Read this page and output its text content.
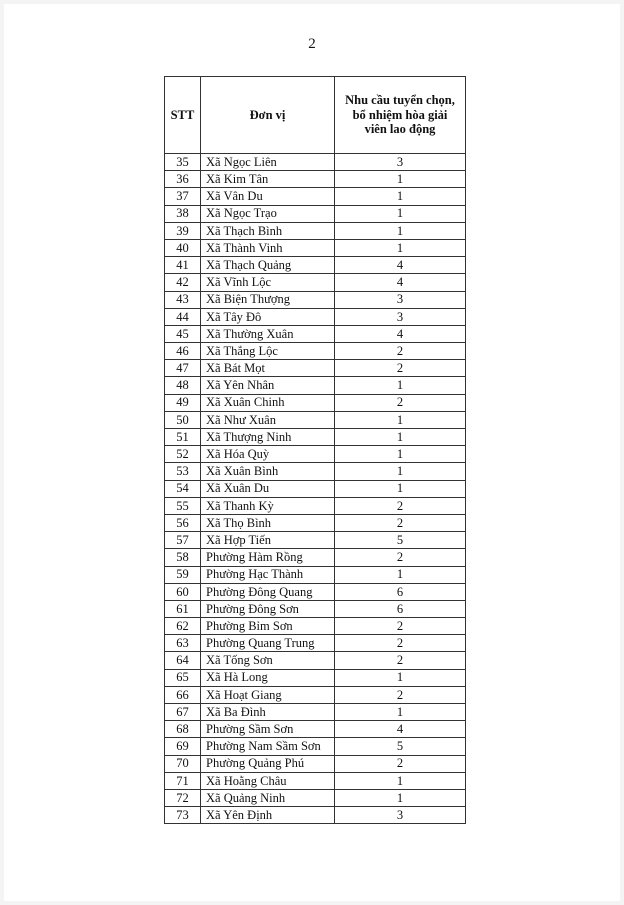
2
STT	Đơn vị	Nhu cầu tuyển chọn, bổ nhiệm hòa giải viên lao động
35	Xã Ngọc Liên	3
36	Xã Kim Tân	1
37	Xã Vân Du	1
38	Xã Ngọc Trạo	1
39	Xã Thạch Bình	1
40	Xã Thành Vinh	1
41	Xã Thạch Quảng	4
42	Xã Vĩnh Lộc	4
43	Xã Biện Thượng	3
44	Xã Tây Đô	3
45	Xã Thường Xuân	4
46	Xã Thắng Lộc	2
47	Xã Bát Mọt	2
48	Xã Yên Nhân	1
49	Xã Xuân Chinh	2
50	Xã Như Xuân	1
51	Xã Thượng Ninh	1
52	Xã Hóa Quỳ	1
53	Xã Xuân Bình	1
54	Xã Xuân Du	1
55	Xã Thanh Kỳ	2
56	Xã Thọ Bình	2
57	Xã Hợp Tiến	5
58	Phường Hàm Rồng	2
59	Phường Hạc Thành	1
60	Phường Đông Quang	6
61	Phường Đông Sơn	6
62	Phường Bỉm Sơn	2
63	Phường Quang Trung	2
64	Xã Tống Sơn	2
65	Xã Hà Long	1
66	Xã Hoạt Giang	2
67	Xã Ba Đình	1
68	Phường Sầm Sơn	4
69	Phường Nam Sầm Sơn	5
70	Phường Quảng Phú	2
71	Xã Hoằng Châu	1
72	Xã Quảng Ninh	1
73	Xã Yên Định	3
